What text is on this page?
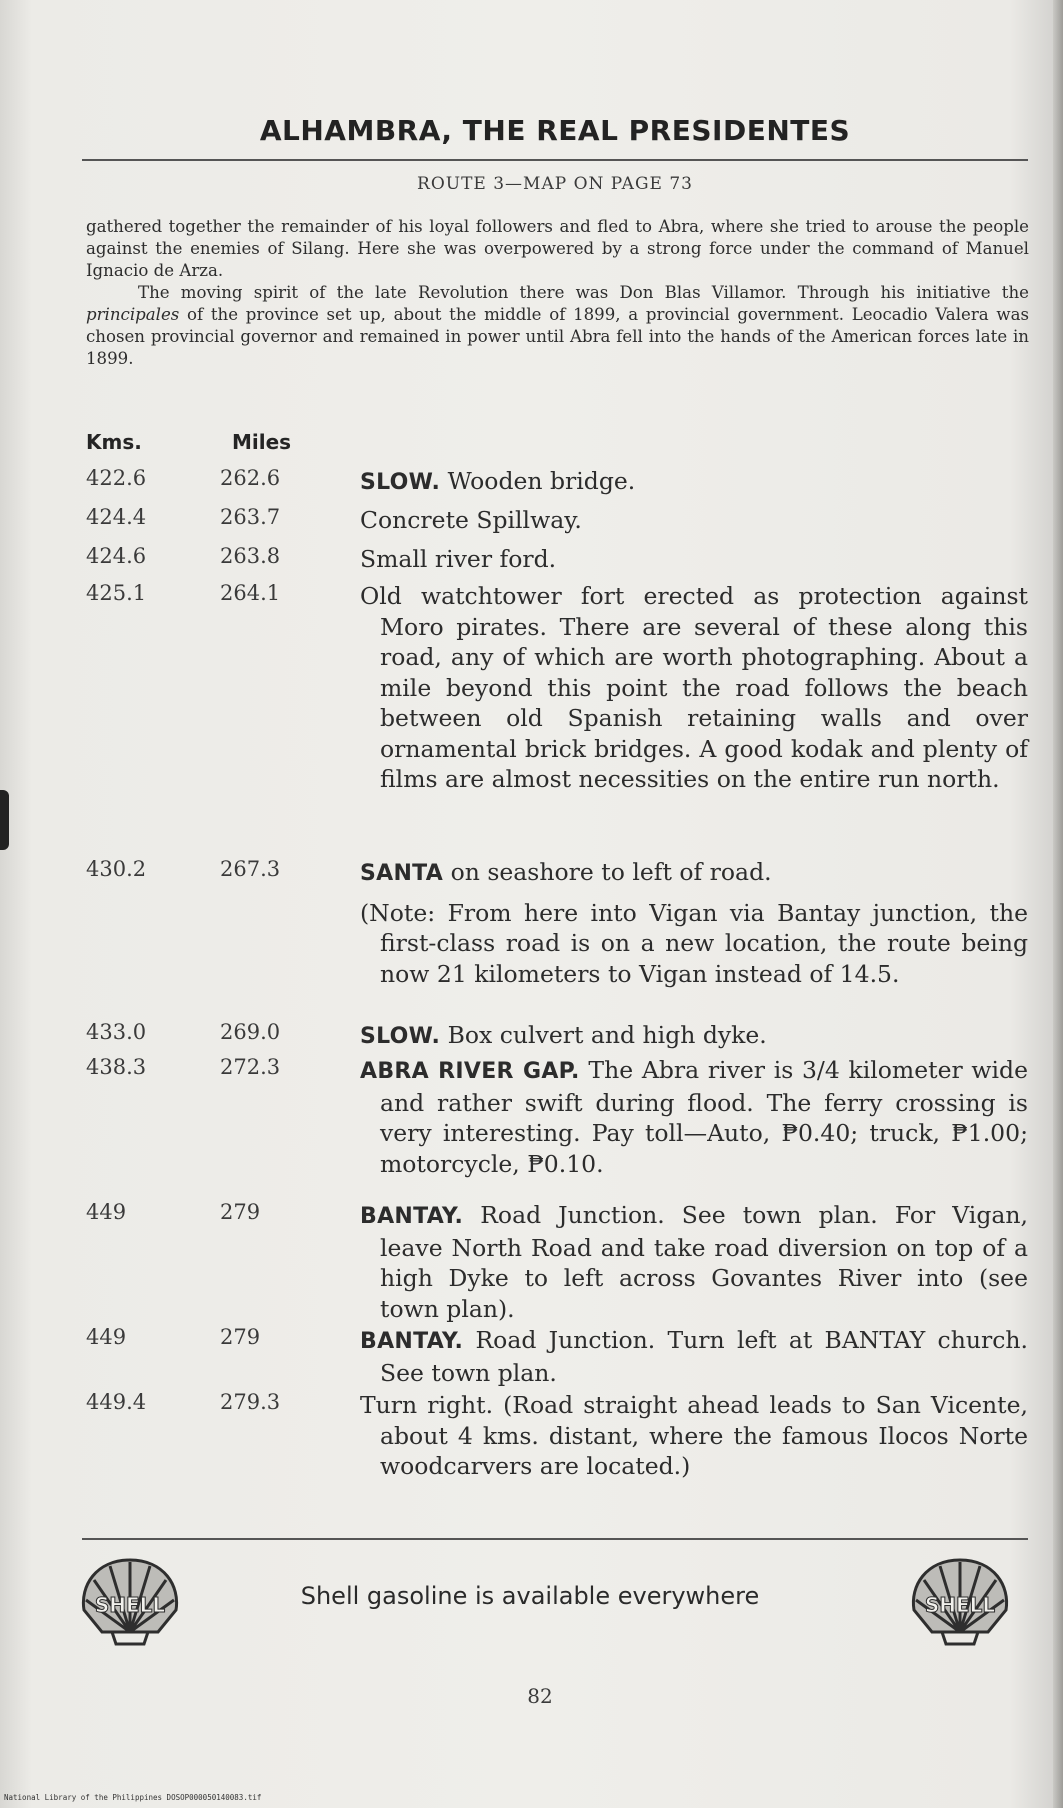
ALHAMBRA, THE REAL PRESIDENTES
ROUTE 3—MAP ON PAGE 73

gathered together the remainder of his loyal followers and fled to Abra, where she tried to arouse the people against the enemies of Silang. Here she was overpowered by a strong force under the command of Manuel Ignacio de Arza.

The moving spirit of the late Revolution there was Don Blas Villamor. Through his initiative the principales of the province set up, about the middle of 1899, a provincial government. Leocadio Valera was chosen provincial governor and remained in power until Abra fell into the hands of the American forces late in 1899.

Kms.	Miles
422.6	262.6	SLOW. Wooden bridge.

424.4	263.7	Concrete Spillway.

424.6	263.8	Small river ford.

425.1	264.1	Old watchtower fort erected as protection against Moro pirates. There are several of these along this road, any of which are worth photographing. About a mile beyond this point the road follows the beach between old Spanish retaining walls and over ornamental brick bridges. A good kodak and plenty of films are almost necessities on the entire run north.

430.2	267.3	SANTA on seashore to left of road.

(Note: From here into Vigan via Bantay junction, the first-class road is on a new location, the route being now 21 kilometers to Vigan instead of 14.5.

433.0	269.0	SLOW. Box culvert and high dyke.

438.3	272.3	ABRA RIVER GAP. The Abra river is 3/4 kilometer wide and rather swift during flood. The ferry crossing is very interesting. Pay toll—Auto, ₱0.40; truck, ₱1.00; motorcycle, ₱0.10.

449	279	BANTAY. Road Junction. See town plan. For Vigan, leave North Road and take road diversion on top of a high Dyke to left across Govantes River into (see town plan).

449	279	BANTAY. Road Junction. Turn left at BANTAY church. See town plan.

449.4	279.3	Turn right. (Road straight ahead leads to San Vicente, about 4 kms. distant, where the famous Ilocos Norte woodcarvers are located.)

SHELL	Shell gasoline is available everywhere	SHELL
82
National Library of the Philippines DOSOP000050140083.tif
